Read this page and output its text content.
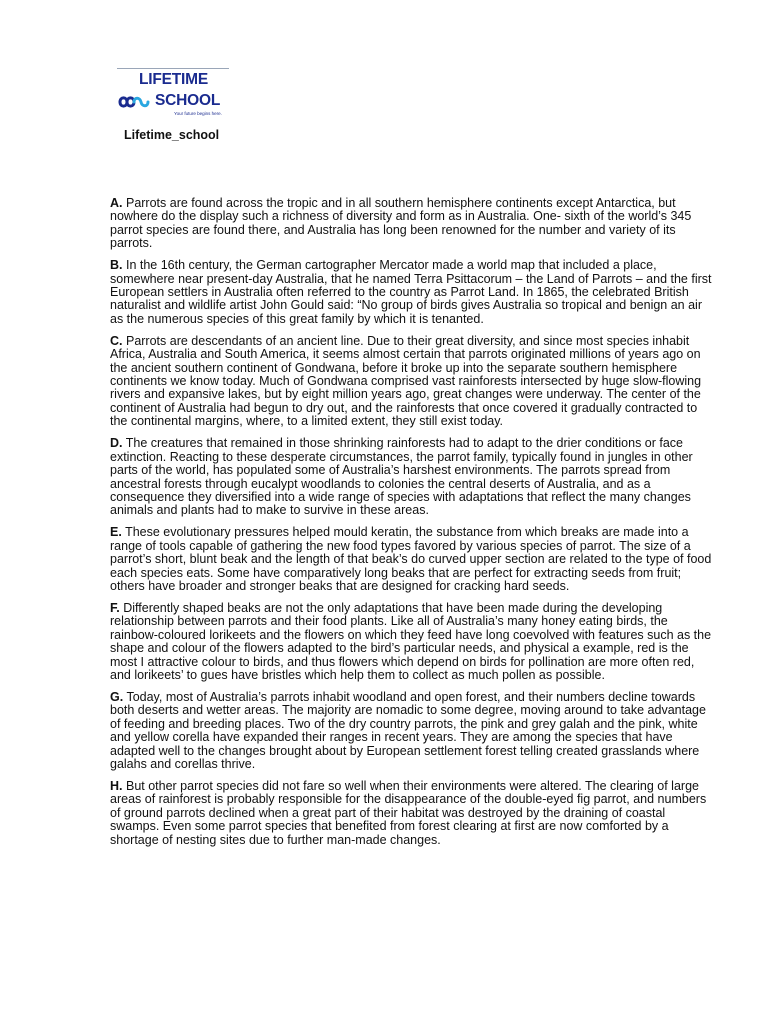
LIFETIME
SCHOOL
Your future begins here.
Lifetime_school

A. Parrots are found across the tropic and in all southern hemisphere continents except Antarctica, but nowhere do the display such a richness of diversity and form as in Australia. One- sixth of the world’s 345 parrot species are found there, and Australia has long been renowned for the number and variety of its parrots.

B. In the 16th century, the German cartographer Mercator made a world map that included a place, somewhere near present-day Australia, that he named Terra Psittacorum – the Land of Parrots – and the first European settlers in Australia often referred to the country as Parrot Land. In 1865, the celebrated British naturalist and wildlife artist John Gould said: “No group of birds gives Australia so tropical and benign an air as the numerous species of this great family by which it is tenanted.

C. Parrots are descendants of an ancient line. Due to their great diversity, and since most species inhabit Africa, Australia and South America, it seems almost certain that parrots originated millions of years ago on the ancient southern continent of Gondwana, before it broke up into the separate southern hemisphere continents we know today. Much of Gondwana comprised vast rainforests intersected by huge slow-flowing rivers and expansive lakes, but by eight million years ago, great changes were underway. The center of the continent of Australia had begun to dry out, and the rainforests that once covered it gradually contracted to the continental margins, where, to a limited extent, they still exist today.

D. The creatures that remained in those shrinking rainforests had to adapt to the drier conditions or face extinction. Reacting to these desperate circumstances, the parrot family, typically found in jungles in other parts of the world, has populated some of Australia’s harshest environments. The parrots spread from ancestral forests through eucalypt woodlands to colonies the central deserts of Australia, and as a consequence they diversified into a wide range of species with adaptations that reflect the many changes animals and plants had to make to survive in these areas.

E. These evolutionary pressures helped mould keratin, the substance from which breaks are made into a range of tools capable of gathering the new food types favored by various species of parrot. The size of a parrot’s short, blunt beak and the length of that beak’s do curved upper section are related to the type of food each species eats. Some have comparatively long beaks that are perfect for extracting seeds from fruit; others have broader and stronger beaks that are designed for cracking hard seeds.

F. Differently shaped beaks are not the only adaptations that have been made during the developing relationship between parrots and their food plants. Like all of Australia’s many honey eating birds, the rainbow-coloured lorikeets and the flowers on which they feed have long coevolved with features such as the shape and colour of the flowers adapted to the bird’s particular needs, and physical a example, red is the most I attractive colour to birds, and thus flowers which depend on birds for pollination are more often red, and lorikeets’ to gues have bristles which help them to collect as much pollen as possible.

G. Today, most of Australia’s parrots inhabit woodland and open forest, and their numbers decline towards both deserts and wetter areas. The majority are nomadic to some degree, moving around to take advantage of feeding and breeding places. Two of the dry country parrots, the pink and grey galah and the pink, white and yellow corella have expanded their ranges in recent years. They are among the species that have adapted well to the changes brought about by European settlement forest telling created grasslands where galahs and corellas thrive.

H. But other parrot species did not fare so well when their environments were altered. The clearing of large areas of rainforest is probably responsible for the disappearance of the double-eyed fig parrot, and numbers of ground parrots declined when a great part of their habitat was destroyed by the draining of coastal swamps. Even some parrot species that benefited from forest clearing at first are now comforted by a shortage of nesting sites due to further man-made changes.
